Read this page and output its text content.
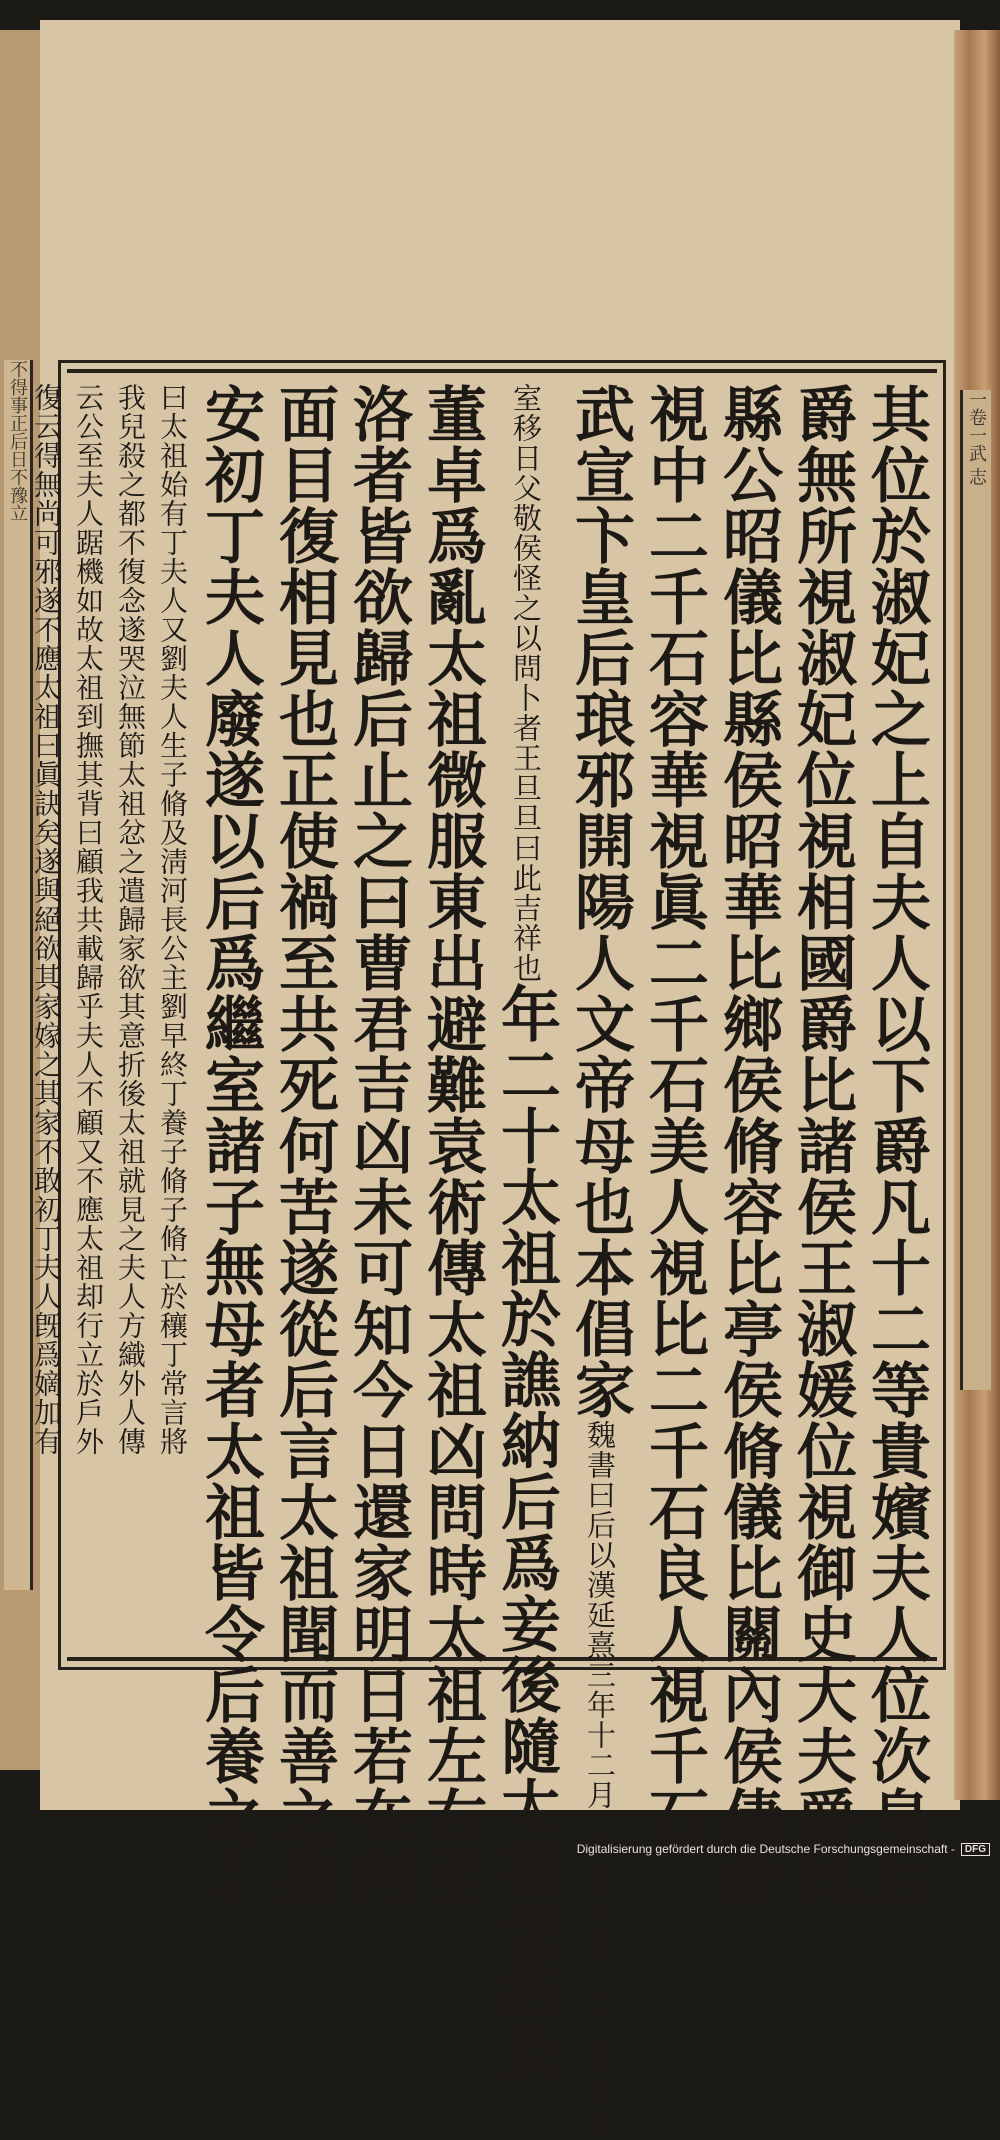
不得事正后日不豫立	一卷一武 志
其位於淑妃之上自夫人以下爵凡十二等貴嬪夫人位次皇后
爵無所視淑妃位視相國爵比諸侯王淑媛位視御史大夫爵比
縣公昭儀比縣侯昭華比鄉侯脩容比亭侯脩儀比關內侯倢伃
視中二千石容華視眞二千石美人視比二千石良人視千石
武宣卞皇后琅邪開陽人文帝母也本倡家魏書曰后以漢延熹三年十二月己巳生齊郡白亭有黃氣滿
室移日父敬侯怪之以問卜者王旦旦曰此吉祥也年二十太祖於譙納后爲妾後隨太祖至洛及
董卓爲亂太祖微服東出避難袁術傳太祖凶問時太祖左右至
洛者皆欲歸后止之曰曹君吉凶未可知今日還家明日若在何
面目復相見也正使禍至共死何苦遂從后言太祖聞而善之建
安初丁夫人廢遂以后爲繼室諸子無母者太祖皆令后養之魏略
曰太祖始有丁夫人又劉夫人生子脩及淸河長公主劉早終丁養子脩子脩亡於穰丁常言將
我兒殺之都不復念遂哭泣無節太祖忿之遣歸家欲其意折後太祖就見之夫人方織外人傳
云公至夫人踞機如故太祖到撫其背曰顧我共載歸乎夫人不顧又不應太祖却行立於戶外
復云得無尚可邪遂不應太祖曰眞訣矣遂與絕欲其家嫁之其家不敢初丁夫人旣爲嫡加有
Digitalisierung gefördert durch die Deutsche Forschungsgemeinschaft -	DFG
